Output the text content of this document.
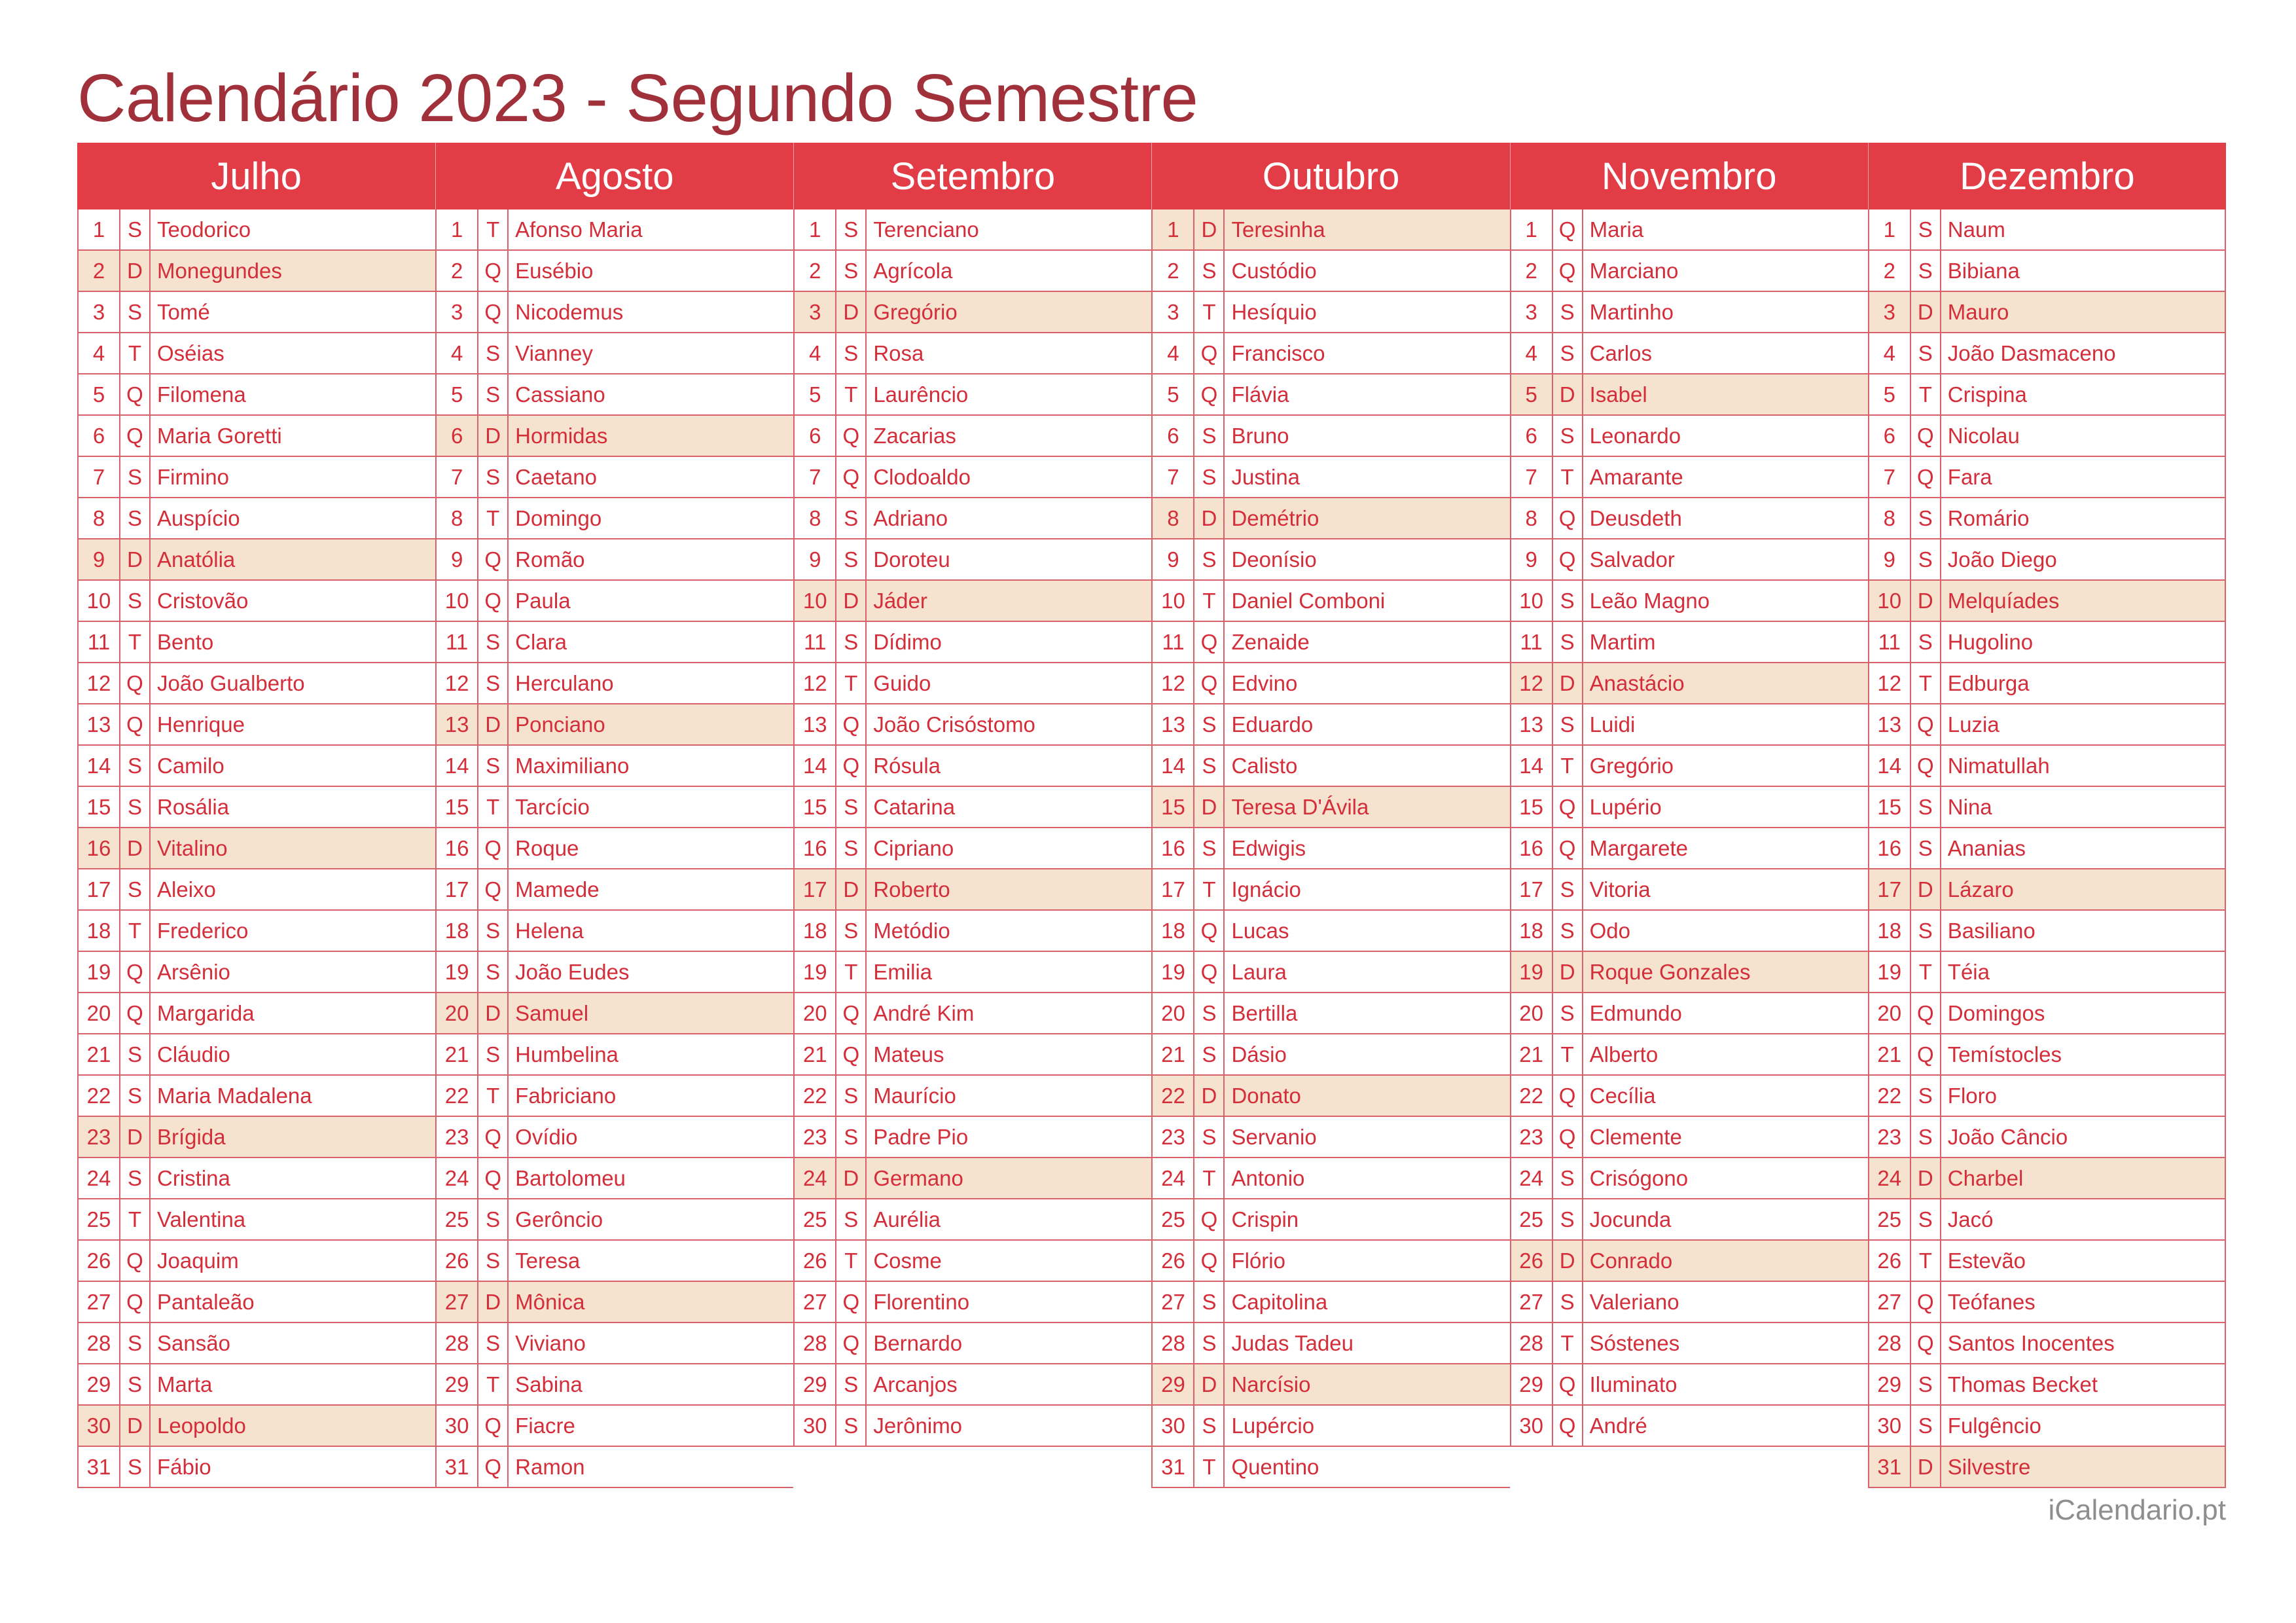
Calendário 2023 - Segundo Semestre
Julho
1	S Teodorico
2	D Monegundes
3	S Tomé
4	T Oséias
5 Q Filomena
6 Q Maria Goretti
7	S Firmino
8	S Auspício
9	D Anatólia
10 S Cristovão
11 T Bento
12 Q João Gualberto
13 Q Henrique
14 S Camilo
15 S Rosália
16 D Vitalino
17 S Aleixo
18 T Frederico
19 Q Arsênio
20 Q Margarida
21 S Cláudio
22 S Maria Madalena
23 D Brígida
24 S Cristina
25 T Valentina
26 Q Joaquim
27 Q Pantaleão
28 S Sansão
29 S Marta
30 D Leopoldo
31 S Fábio
Agosto
1	T Afonso Maria
2 Q Eusébio
3 Q Nicodemus
4	S Vianney
5	S Cassiano
6	D Hormidas
7	S Caetano
8	T Domingo
9 Q Romão
10 Q Paula
11 S Clara
12 S Herculano
13 D Ponciano
14 S Maximiliano
15 T Tarcício
16 Q Roque
17 Q Mamede
18 S Helena
19 S João Eudes
20 D Samuel
21 S Humbelina
22 T Fabriciano
23 Q Ovídio
24 Q Bartolomeu
25 S Gerôncio
26 S Teresa
27 D Mônica
28 S Viviano
29 T Sabina
30 Q Fiacre
31 Q Ramon
Setembro
1	S Terenciano
2	S Agrícola
3	D Gregório
4	S Rosa
5	T Laurêncio
6 Q Zacarias
7 Q Clodoaldo
8	S Adriano
9	S Doroteu
10 D Jáder
11 S Dídimo
12 T Guido
13 Q João Crisóstomo
14 Q Rósula
15 S Catarina
16 S Cipriano
17 D Roberto
18 S Metódio
19 T Emilia
20 Q André Kim
21 Q Mateus
22 S Maurício
23 S Padre Pio
24 D Germano
25 S Aurélia
26 T Cosme
27 Q Florentino
28 Q Bernardo
29 S Arcanjos
30 S Jerônimo
Outubro
1	D Teresinha
2	S Custódio
3	T Hesíquio
4 Q Francisco
5 Q Flávia
6	S Bruno
7	S Justina
8	D Demétrio
9	S Deonísio
10 T Daniel Comboni
11 Q Zenaide
12 Q Edvino
13 S Eduardo
14 S Calisto
15 D Teresa D'Ávila
16 S Edwigis
17 T Ignácio
18 Q Lucas
19 Q Laura
20 S Bertilla
21 S Dásio
22 D Donato
23 S Servanio
24 T Antonio
25 Q Crispin
26 Q Flório
27 S Capitolina
28 S Judas Tadeu
29 D Narcísio
30 S Lupércio
31 T Quentino
Novembro
1 Q Maria
2 Q Marciano
3	S Martinho
4	S Carlos
5	D Isabel
6	S Leonardo
7	T Amarante
8 Q Deusdeth
9 Q Salvador
10 S Leão Magno
11 S Martim
12 D Anastácio
13 S Luidi
14 T Gregório
15 Q Lupério
16 Q Margarete
17 S Vitoria
18 S Odo
19 D Roque Gonzales
20 S Edmundo
21 T Alberto
22 Q Cecília
23 Q Clemente
24 S Crisógono
25 S Jocunda
26 D Conrado
27 S Valeriano
28 T Sóstenes
29 Q Iluminato
30 Q André
Dezembro
1	S Naum
2	S Bibiana
3	D Mauro
4	S João Dasmaceno
5	T Crispina
6 Q Nicolau
7 Q Fara
8	S Romário
9	S João Diego
10 D Melquíades
11 S Hugolino
12 T Edburga
13 Q Luzia
14 Q Nimatullah
15 S Nina
16 S Ananias
17 D Lázaro
18 S Basiliano
19 T Téia
20 Q Domingos
21 Q Temístocles
22 S Floro
23 S João Câncio
24 D Charbel
25 S Jacó
26 T Estevão
27 Q Teófanes
28 Q Santos Inocentes
29 S Thomas Becket
30 S Fulgêncio
31 D Silvestre
iCalendario.pt
